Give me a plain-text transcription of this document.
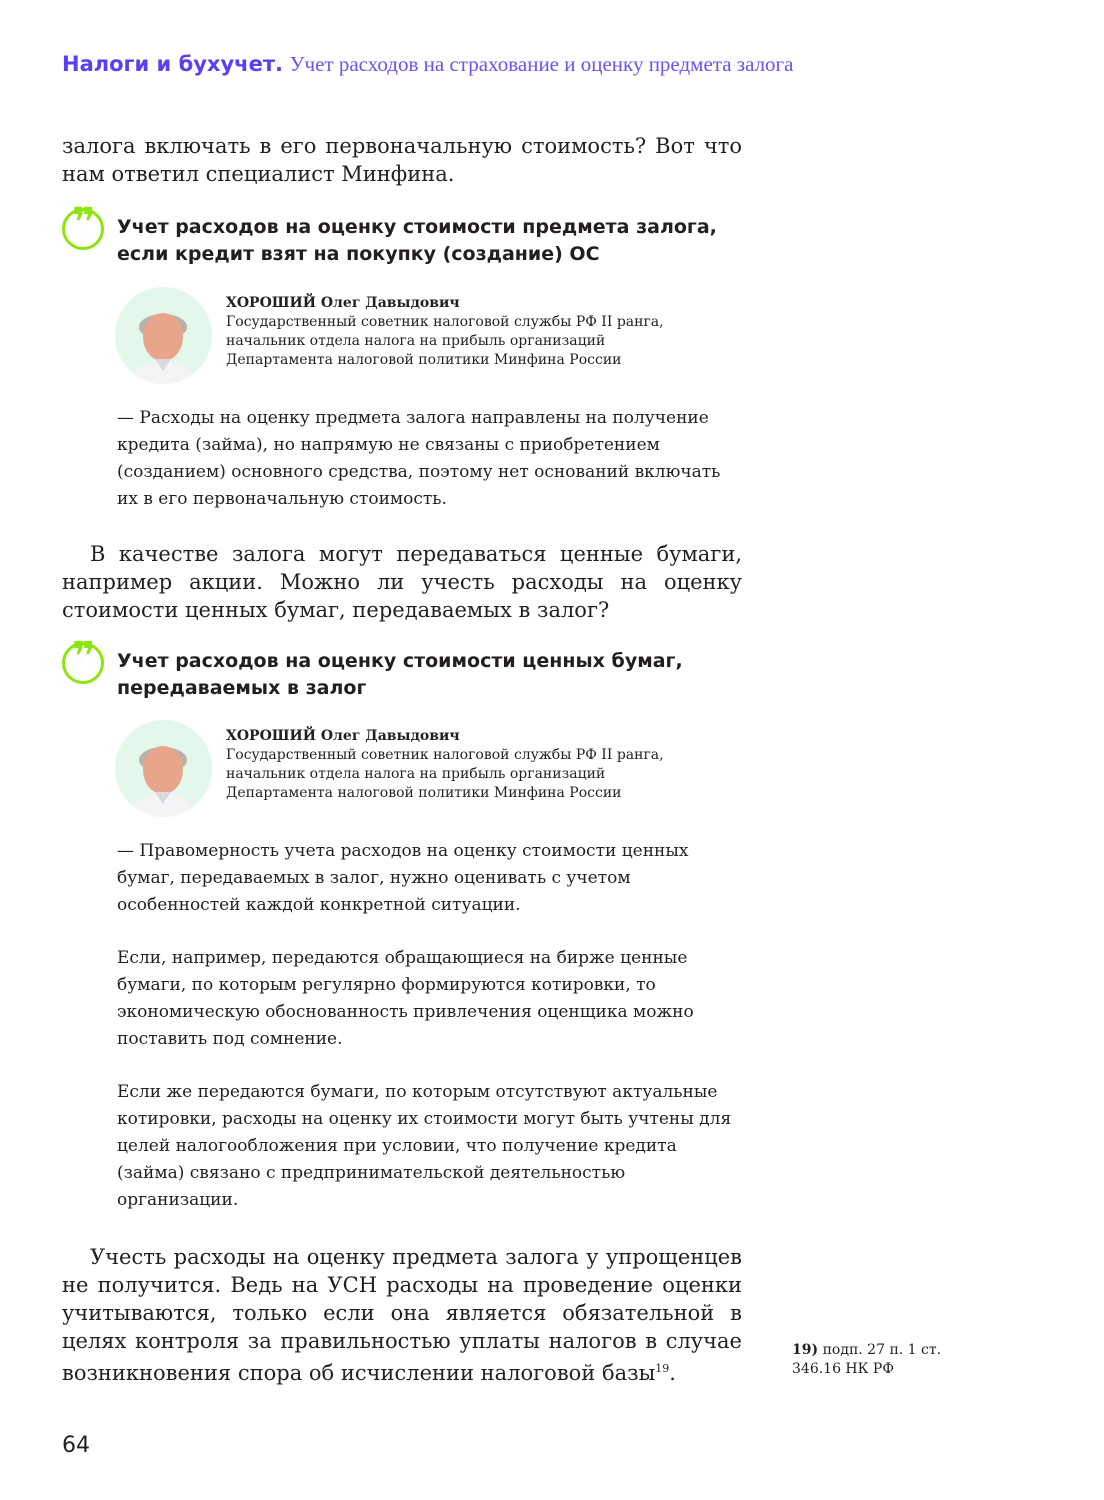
Налоги и бухучет. Учет расходов на страхование и оценку предмета залога
залога включать в его первоначальную стоимость? Вот что нам ответил специалист Минфина.
❞ Учет расходов на оценку стоимости предмета залога, если кредит взят на покупку (создание) ОС
ХОРОШИЙ Олег Давыдович
Государственный советник налоговой службы РФ II ранга,
начальник отдела налога на прибыль организаций
Департамента налоговой политики Минфина России

— Расходы на оценку предмета залога направлены на получение кредита (займа), но напрямую не связаны с приобретением (созданием) основного средства, поэтому нет оснований включать их в его первоначальную стоимость.

В качестве залога могут передаваться ценные бумаги, например акции. Можно ли учесть расходы на оценку стоимости ценных бумаг, передаваемых в залог?
❞ Учет расходов на оценку стоимости ценных бумаг, передаваемых в залог
ХОРОШИЙ Олег Давыдович
Государственный советник налоговой службы РФ II ранга,
начальник отдела налога на прибыль организаций
Департамента налоговой политики Минфина России

— Правомерность учета расходов на оценку стоимости ценных бумаг, передаваемых в залог, нужно оценивать с учетом особенностей каждой конкретной ситуации.

Если, например, передаются обращающиеся на бирже ценные бумаги, по которым регулярно формируются котировки, то экономическую обоснованность привлечения оценщика можно поставить под сомнение.

Если же передаются бумаги, по которым отсутствуют актуальные котировки, расходы на оценку их стоимости могут быть учтены для целей налогообложения при условии, что получение кредита (займа) связано с предпринимательской деятельностью организации.

Учесть расходы на оценку предмета залога у упрощенцев не получится. Ведь на УСН расходы на проведение оценки учитываются, только если она является обязательной в целях контроля за правильностью уплаты налогов в случае возникновения спора об исчислении налоговой базы$^{19}$.
19) подп. 27 п. 1 ст. 346.16 НК РФ
64
